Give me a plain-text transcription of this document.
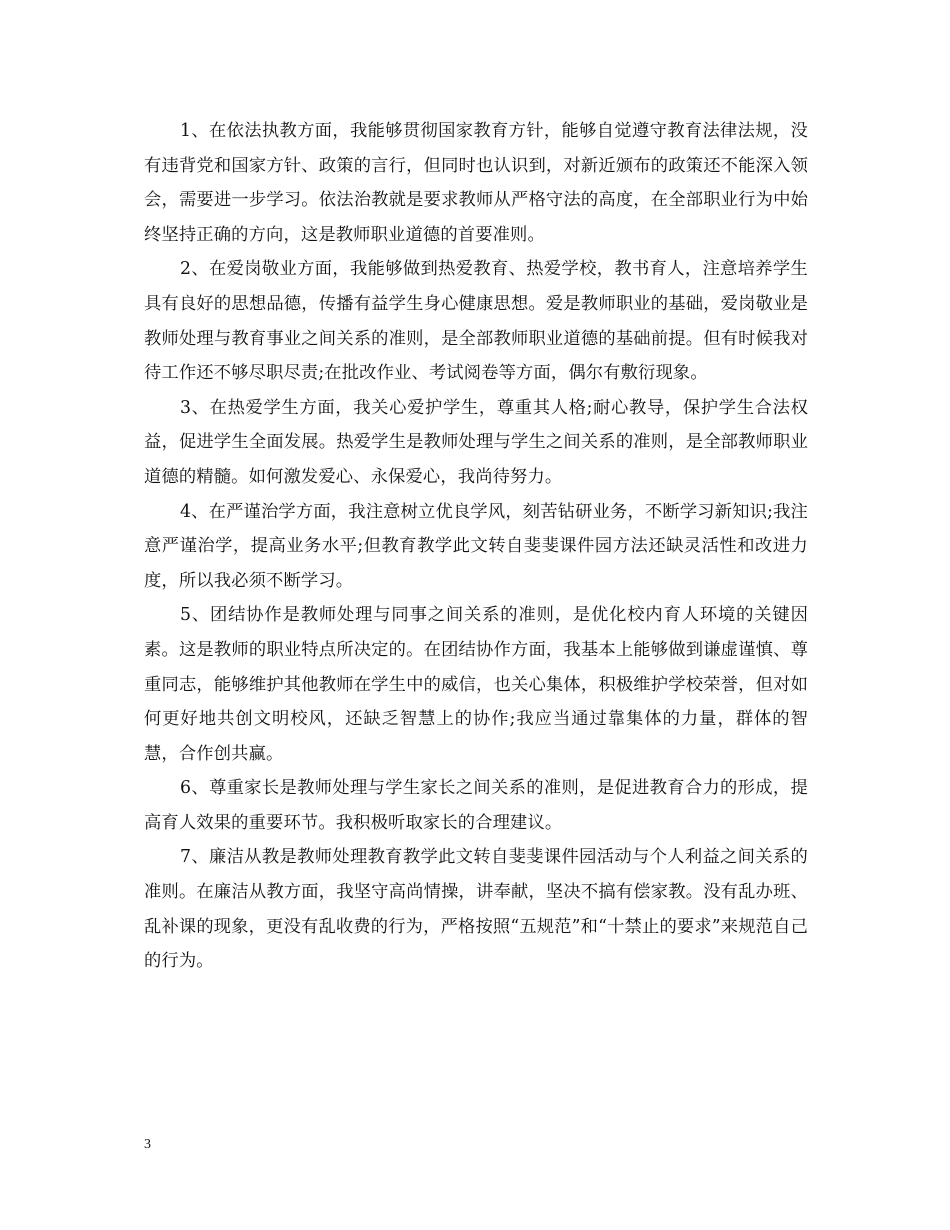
1、在依法执教方面，我能够贯彻国家教育方针，能够自觉遵守教育法律法规，没有违背党和国家方针、政策的言行，但同时也认识到，对新近颁布的政策还不能深入领会，需要进一步学习。依法治教就是要求教师从严格守法的高度，在全部职业行为中始终坚持正确的方向，这是教师职业道德的首要准则。

2、在爱岗敬业方面，我能够做到热爱教育、热爱学校，教书育人，注意培养学生具有良好的思想品德，传播有益学生身心健康思想。爱是教师职业的基础，爱岗敬业是教师处理与教育事业之间关系的准则，是全部教师职业道德的基础前提。但有时候我对待工作还不够尽职尽责;在批改作业、考试阅卷等方面，偶尔有敷衍现象。

3、在热爱学生方面，我关心爱护学生，尊重其人格;耐心教导，保护学生合法权益，促进学生全面发展。热爱学生是教师处理与学生之间关系的准则，是全部教师职业道德的精髓。如何激发爱心、永保爱心，我尚待努力。

4、在严谨治学方面，我注意树立优良学风，刻苦钻研业务，不断学习新知识;我注意严谨治学，提高业务水平;但教育教学此文转自斐斐课件园方法还缺灵活性和改进力度，所以我必须不断学习。

5、团结协作是教师处理与同事之间关系的准则，是优化校内育人环境的关键因素。这是教师的职业特点所决定的。在团结协作方面，我基本上能够做到谦虚谨慎、尊重同志，能够维护其他教师在学生中的威信，也关心集体，积极维护学校荣誉，但对如何更好地共创文明校风，还缺乏智慧上的协作;我应当通过靠集体的力量，群体的智慧，合作创共赢。

6、尊重家长是教师处理与学生家长之间关系的准则，是促进教育合力的形成，提高育人效果的重要环节。我积极听取家长的合理建议。

7、廉洁从教是教师处理教育教学此文转自斐斐课件园活动与个人利益之间关系的准则。在廉洁从教方面，我坚守高尚情操，讲奉献，坚决不搞有偿家教。没有乱办班、乱补课的现象，更没有乱收费的行为，严格按照“五规范”和“十禁止的要求”来规范自己的行为。

3
